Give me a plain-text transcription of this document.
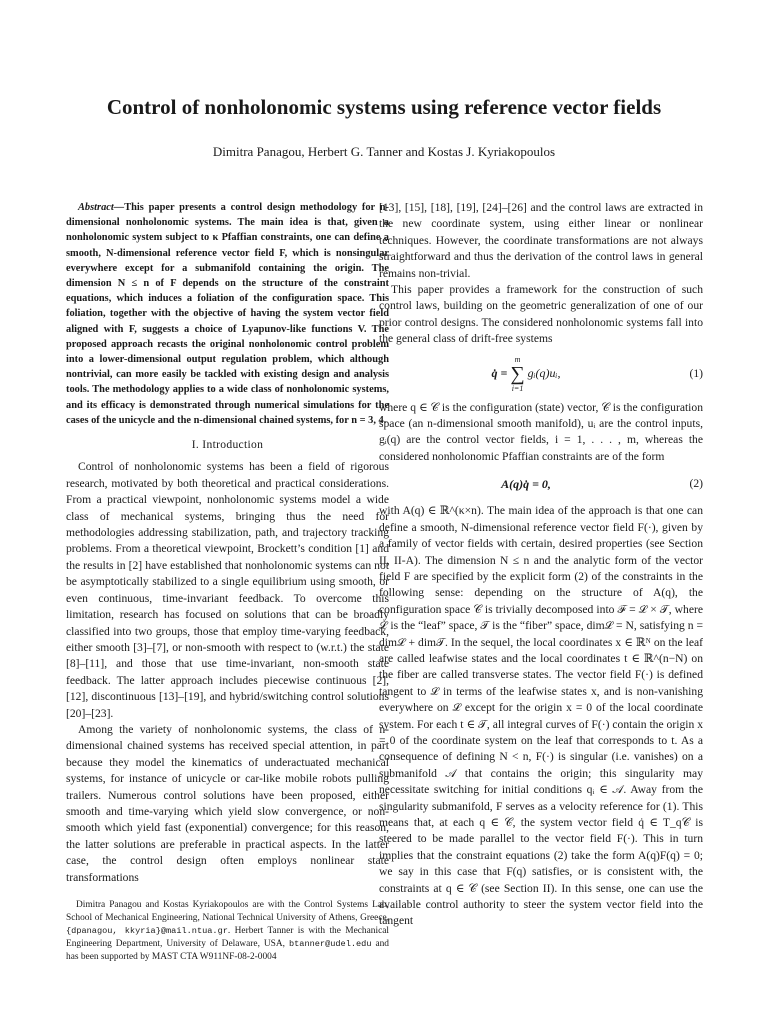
Control of nonholonomic systems using reference vector fields
Dimitra Panagou, Herbert G. Tanner and Kostas J. Kyriakopoulos

Abstract—This paper presents a control design methodology for n-dimensional nonholonomic systems. The main idea is that, given a nonholonomic system subject to κ Pfaffian constraints, one can define a smooth, N-dimensional reference vector field F, which is nonsingular everywhere except for a submanifold containing the origin. The dimension N ≤ n of F depends on the structure of the constraint equations, which induces a foliation of the configuration space. This foliation, together with the objective of having the system vector field aligned with F, suggests a choice of Lyapunov-like functions V. The proposed approach recasts the original nonholonomic control problem into a lower-dimensional output regulation problem, which although nontrivial, can more easily be tackled with existing design and analysis tools. The methodology applies to a wide class of nonholonomic systems, and its efficacy is demonstrated through numerical simulations for the cases of the unicycle and the n-dimensional chained systems, for n = 3, 4.

I. Introduction

Control of nonholonomic systems has been a field of rigorous research, motivated by both theoretical and practical considerations. From a practical viewpoint, nonholonomic systems model a wide class of mechanical systems, bringing thus the need for methodologies addressing stabilization, path, and trajectory tracking problems. From a theoretical viewpoint, Brockett’s condition [1] and the results in [2] have established that nonholonomic systems can not be asymptotically stabilized to a single equilibrium using smooth, or even continuous, time-invariant feedback. To overcome this limitation, research has focused on solutions that can be broadly classified into two groups, those that employ time-varying feedback, either smooth [3]–[7], or non-smooth with respect to (w.r.t.) the state [8]–[11], and those that use time-invariant, non-smooth state feedback. The latter approach includes piecewise continuous [2], [12], discontinuous [13]–[19], and hybrid/switching control solutions [20]–[23].

Among the variety of nonholonomic systems, the class of n-dimensional chained systems has received special attention, in part because they model the kinematics of underactuated mechanical systems, for instance of unicycle or car-like mobile robots pulling trailers. Numerous control solutions have been proposed, either smooth and time-varying which yield slow convergence, or non-smooth which yield fast (exponential) convergence; for this reason, the latter solutions are preferable in practical aspects. In the latter case, the control design often employs nonlinear state transformations

Dimitra Panagou and Kostas Kyriakopoulos are with the Control Systems Lab, School of Mechanical Engineering, National Technical University of Athens, Greece, {dpanagou, kkyria}@mail.ntua.gr. Herbert Tanner is with the Mechanical Engineering Department, University of Delaware, USA, btanner@udel.edu and has been supported by MAST CTA W911NF-08-2-0004

[13], [15], [18], [19], [24]–[26] and the control laws are extracted in the new coordinate system, using either linear or nonlinear techniques. However, the coordinate transformations are not always straightforward and thus the derivation of the control laws in general remains non-trivial.

This paper provides a framework for the construction of such control laws, building on the geometric generalization of one of our prior control designs. The considered nonholonomic systems fall into the general class of drift-free systems

q̇ =
m
∑
i=1
gᵢ(q)uᵢ,	(1)

where q ∈ 𝒞 is the configuration (state) vector, 𝒞 is the configuration space (an n-dimensional smooth manifold), uᵢ are the control inputs, gᵢ(q) are the control vector fields, i = 1, . . . , m, whereas the considered nonholonomic Pfaffian constraints are of the form

A(q)q̇ = 0,	(2)

with A(q) ∈ ℝ^(κ×n). The main idea of the approach is that one can define a smooth, N-dimensional reference vector field F(·), given by a family of vector fields with certain, desired properties (see Section II, II-A). The dimension N ≤ n and the analytic form of the vector field F are specified by the explicit form (2) of the constraints in the following sense: depending on the structure of A(q), the configuration space 𝒞 is trivially decomposed into ℱ = ℒ × 𝒯, where ℒ is the “leaf” space, 𝒯 is the “fiber” space, dimℒ = N, satisfying n = dimℒ + dim𝒯. In the sequel, the local coordinates x ∈ ℝᴺ on the leaf are called leafwise states and the local coordinates t ∈ ℝ^(n−N) on the fiber are called transverse states. The vector field F(·) is defined tangent to ℒ in terms of the leafwise states x, and is non-vanishing everywhere on ℒ except for the origin x = 0 of the local coordinate system. For each t ∈ 𝒯, all integral curves of F(·) contain the origin x = 0 of the coordinate system on the leaf that corresponds to t. As a consequence of defining N < n, F(·) is singular (i.e. vanishes) on a submanifold 𝒜 that contains the origin; this singularity may necessitate switching for initial conditions qᵢ ∈ 𝒜. Away from the singularity submanifold, F serves as a velocity reference for (1). This means that, at each q ∈ 𝒞, the system vector field q̇ ∈ T_q𝒞 is steered to be made parallel to the vector field F(·). This in turn implies that the constraint equations (2) take the form A(q)F(q) = 0; we say in this case that F(q) satisfies, or is consistent with, the constraints at q ∈ 𝒞 (see Section II). In this sense, one can use the available control authority to steer the system vector field into the tangent
